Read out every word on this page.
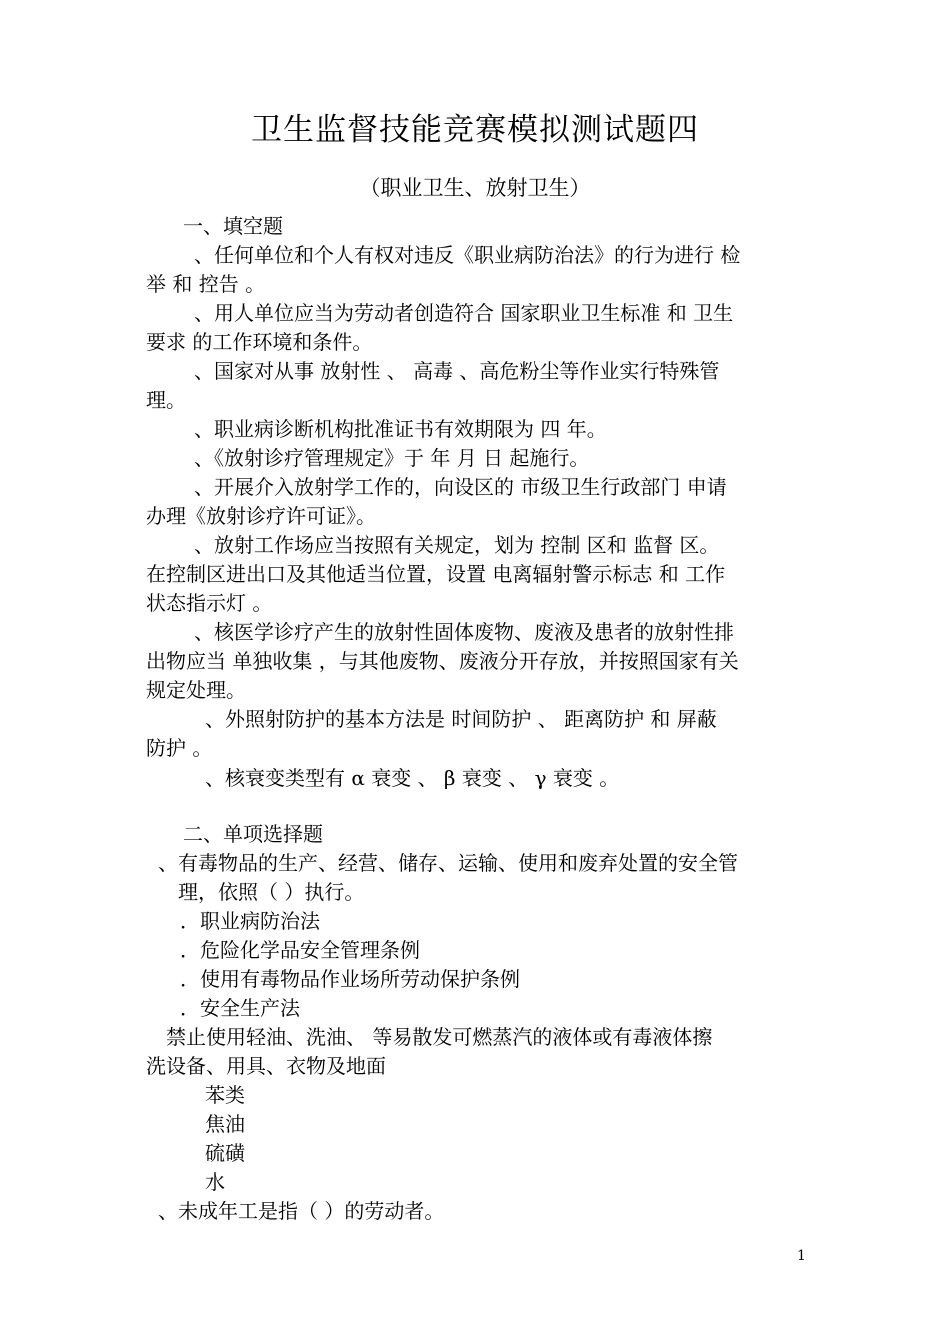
卫生监督技能竞赛模拟测试题四
（职业卫生、放射卫生）
一、填空题
、任何单位和个人有权对违反《职业病防治法》的行为进行 检
举 和 控告 。
、用人单位应当为劳动者创造符合 国家职业卫生标准 和 卫生
要求 的工作环境和条件。
、国家对从事 放射性 、 高毒 、高危粉尘等作业实行特殊管
理。
、职业病诊断机构批准证书有效期限为 四 年。
、《放射诊疗管理规定》于 年 月 日 起施行。
、开展介入放射学工作的，向设区的 市级卫生行政部门 申请
办理《放射诊疗许可证》。
、放射工作场应当按照有关规定，划为 控制 区和 监督 区。
在控制区进出口及其他适当位置，设置 电离辐射警示标志 和 工作
状态指示灯 。
、核医学诊疗产生的放射性固体废物、废液及患者的放射性排
出物应当 单独收集 ，与其他废物、废液分开存放，并按照国家有关
规定处理。
、外照射防护的基本方法是 时间防护 、 距离防护 和 屏蔽
防护 。
、核衰变类型有 α 衰变 、 β 衰变 、 γ 衰变 。
二、单项选择题
、有毒物品的生产、经营、储存、运输、使用和废弃处置的安全管
理，依照（ ）执行。
．职业病防治法
．危险化学品安全管理条例
．使用有毒物品作业场所劳动保护条例
．安全生产法
禁止使用轻油、洗油、 等易散发可燃蒸汽的液体或有毒液体擦
洗设备、用具、衣物及地面
苯类
焦油
硫磺
水
、未成年工是指（ ）的劳动者。
1
